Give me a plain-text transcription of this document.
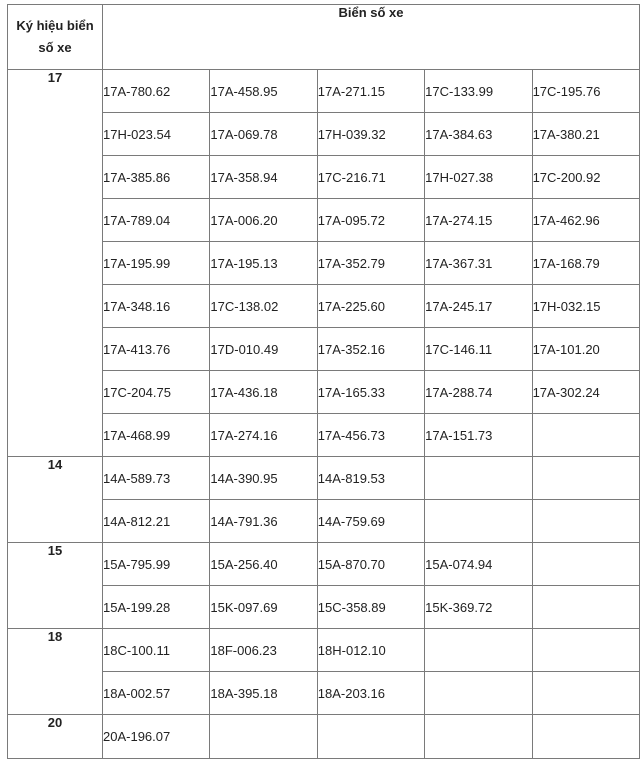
Ký hiệu biển số xe	Biển số xe				
17	17A-780.62	17A-458.95	17A-271.15	17C-133.99	17C-195.76
	17H-023.54	17A-069.78	17H-039.32	17A-384.63	17A-380.21
	17A-385.86	17A-358.94	17C-216.71	17H-027.38	17C-200.92
	17A-789.04	17A-006.20	17A-095.72	17A-274.15	17A-462.96
	17A-195.99	17A-195.13	17A-352.79	17A-367.31	17A-168.79
	17A-348.16	17C-138.02	17A-225.60	17A-245.17	17H-032.15
	17A-413.76	17D-010.49	17A-352.16	17C-146.11	17A-101.20
	17C-204.75	17A-436.18	17A-165.33	17A-288.74	17A-302.24
	17A-468.99	17A-274.16	17A-456.73	17A-151.73	
14	14A-589.73	14A-390.95	14A-819.53		
	14A-812.21	14A-791.36	14A-759.69		
15	15A-795.99	15A-256.40	15A-870.70	15A-074.94	
	15A-199.28	15K-097.69	15C-358.89	15K-369.72	
18	18C-100.11	18F-006.23	18H-012.10		
	18A-002.57	18A-395.18	18A-203.16		
20	20A-196.07				
